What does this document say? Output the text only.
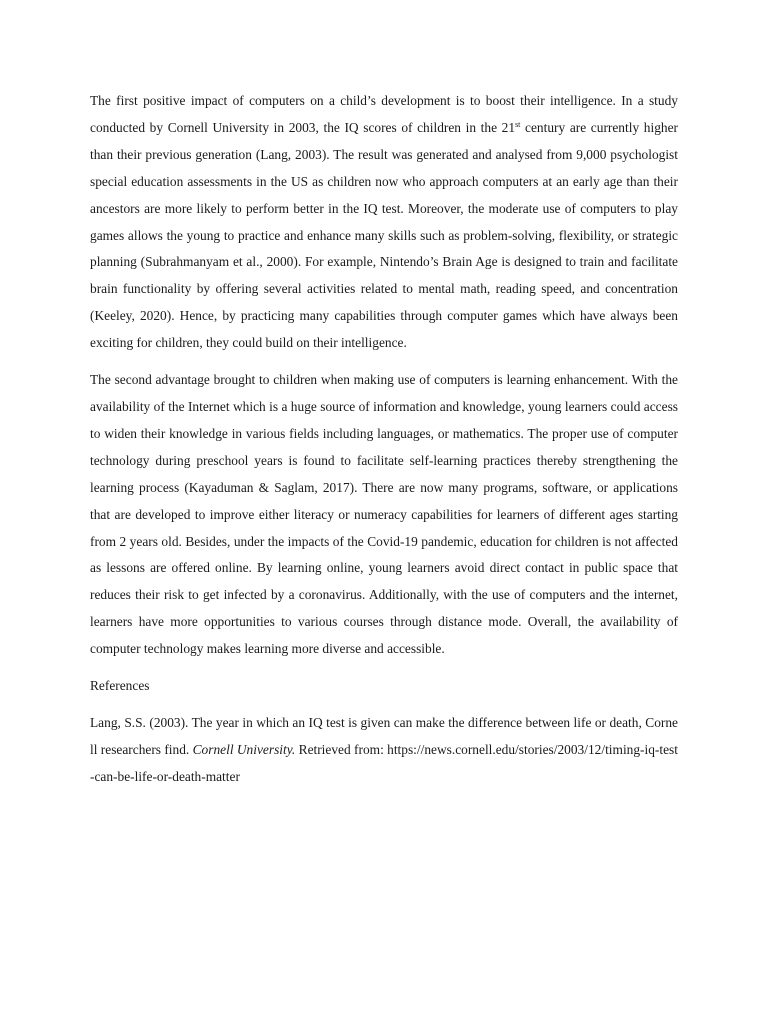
The first positive impact of computers on a child’s development is to boost their intelligence. In a study conducted by Cornell University in 2003, the IQ scores of children in the 21st century are currently higher than their previous generation (Lang, 2003). The result was generated and analysed from 9,000 psychologist special education assessments in the US as children now who approach computers at an early age than their ancestors are more likely to perform better in the IQ test. Moreover, the moderate use of computers to play games allows the young to practice and enhance many skills such as problem-solving, flexibility, or strategic planning (Subrahmanyam et al., 2000). For example, Nintendo’s Brain Age is designed to train and facilitate brain functionality by offering several activities related to mental math, reading speed, and concentration (Keeley, 2020). Hence, by practicing many capabilities through computer games which have always been exciting for children, they could build on their intelligence.

The second advantage brought to children when making use of computers is learning enhancement. With the availability of the Internet which is a huge source of information and knowledge, young learners could access to widen their knowledge in various fields including languages, or mathematics. The proper use of computer technology during preschool years is found to facilitate self-learning practices thereby strengthening the learning process (Kayaduman & Saglam, 2017). There are now many programs, software, or applications that are developed to improve either literacy or numeracy capabilities for learners of different ages starting from 2 years old. Besides, under the impacts of the Covid-19 pandemic, education for children is not affected as lessons are offered online. By learning online, young learners avoid direct contact in public space that reduces their risk to get infected by a coronavirus. Additionally, with the use of computers and the internet, learners have more opportunities to various courses through distance mode. Overall, the availability of computer technology makes learning more diverse and accessible.

References

Lang, S.S. (2003). The year in which an IQ test is given can make the difference between life or death, Cornell researchers find. Cornell University. Retrieved from: https://news.cornell.edu/stories/2003/12/timing-iq-test-can-be-life-or-death-matter
